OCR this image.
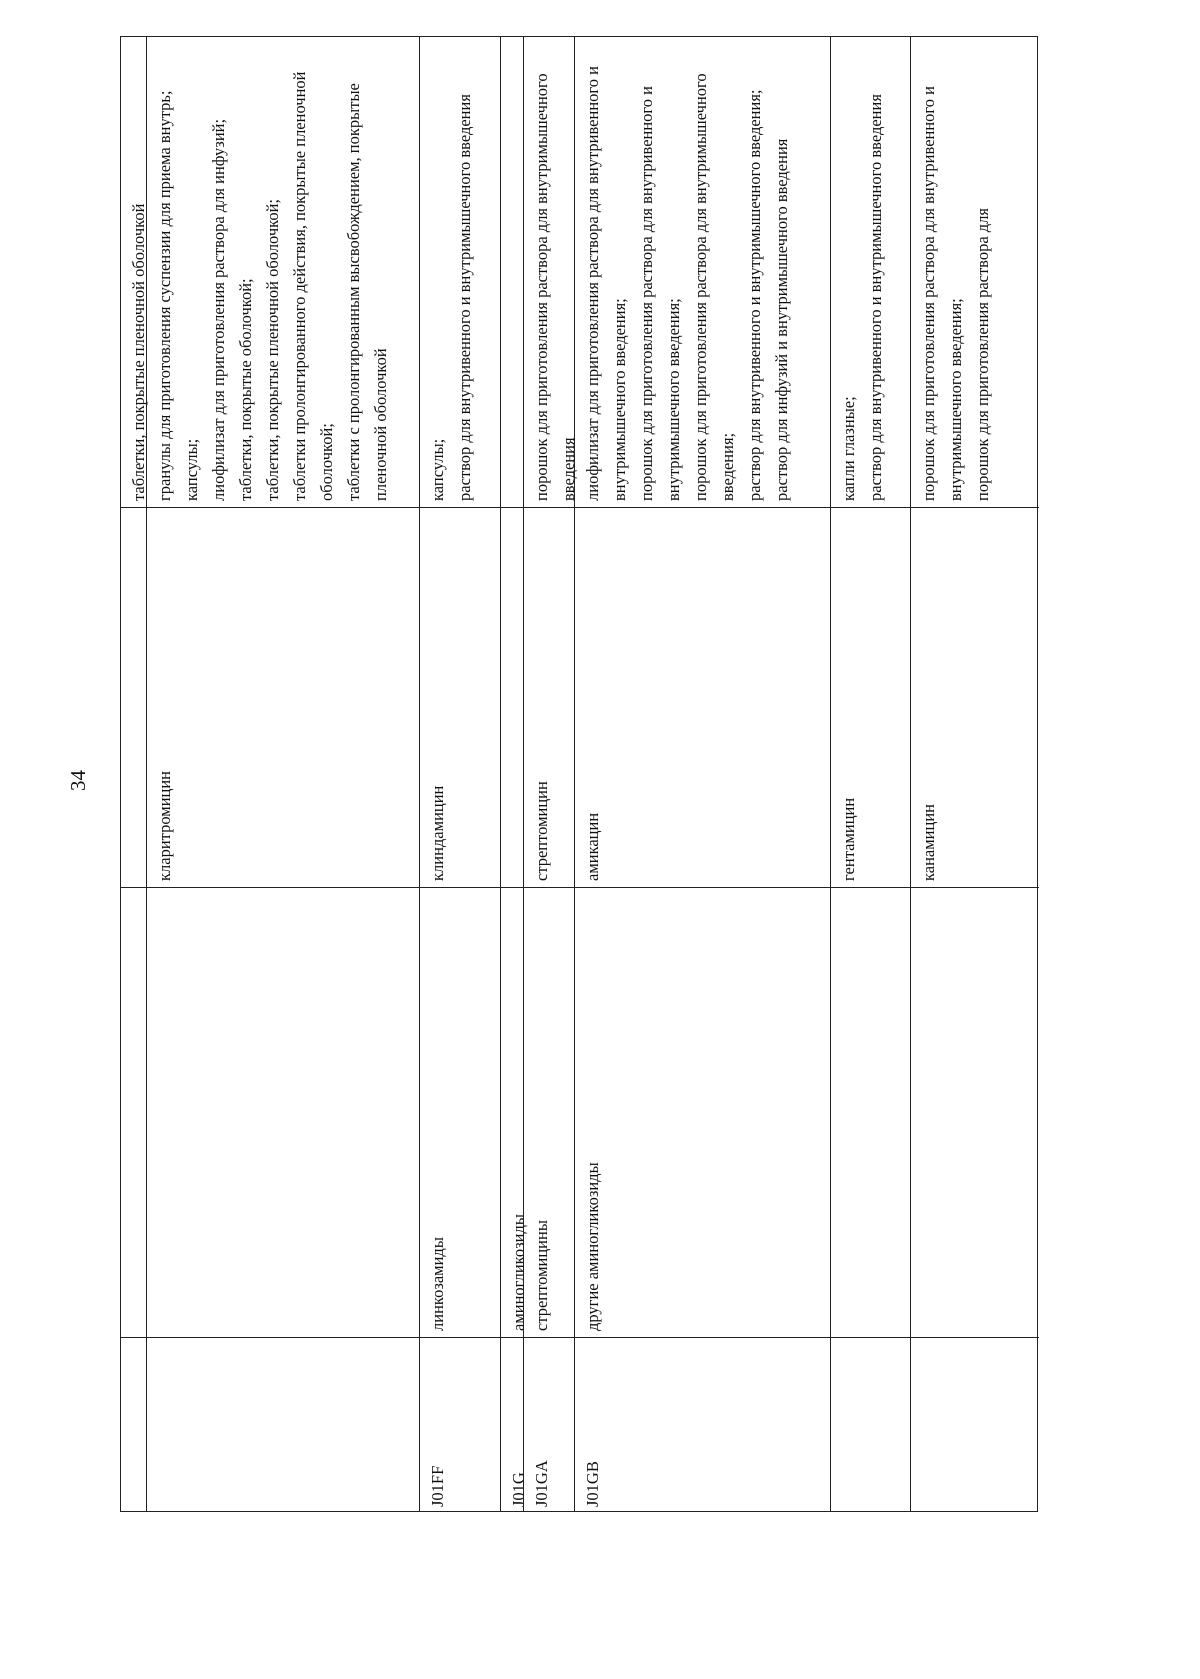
34
таблетки, покрытые пленочной оболочкой
кларитромицин
гранулы для приготовления суспензии для приема внутрь; капсулы; лиофилизат для приготовления раствора для инфузий; таблетки, покрытые оболочкой; таблетки, покрытые пленочной оболочкой; таблетки пролонгированного действия, покрытые пленочной оболочкой; таблетки с пролонгированным высвобождением, покрытые пленочной оболочкой
J01FF
линкозамиды
клиндамицин
капсулы; раствор для внутривенного и внутримышечного введения
J01G
аминогликозиды
J01GA
стрептомицины
стрептомицин
порошок для приготовления раствора для внутримышечного введения
J01GB
другие аминогликозиды
амикацин
лиофилизат для приготовления раствора для внутривенного и внутримышечного введения; порошок для приготовления раствора для внутривенного и внутримышечного введения; порошок для приготовления раствора для внутримышечного введения; раствор для внутривенного и внутримышечного введения; раствор для инфузий и внутримышечного введения
гентамицин
капли глазные; раствор для внутривенного и внутримышечного введения
канамицин
порошок для приготовления раствора для внутривенного и внутримышечного введения; порошок для приготовления раствора для
